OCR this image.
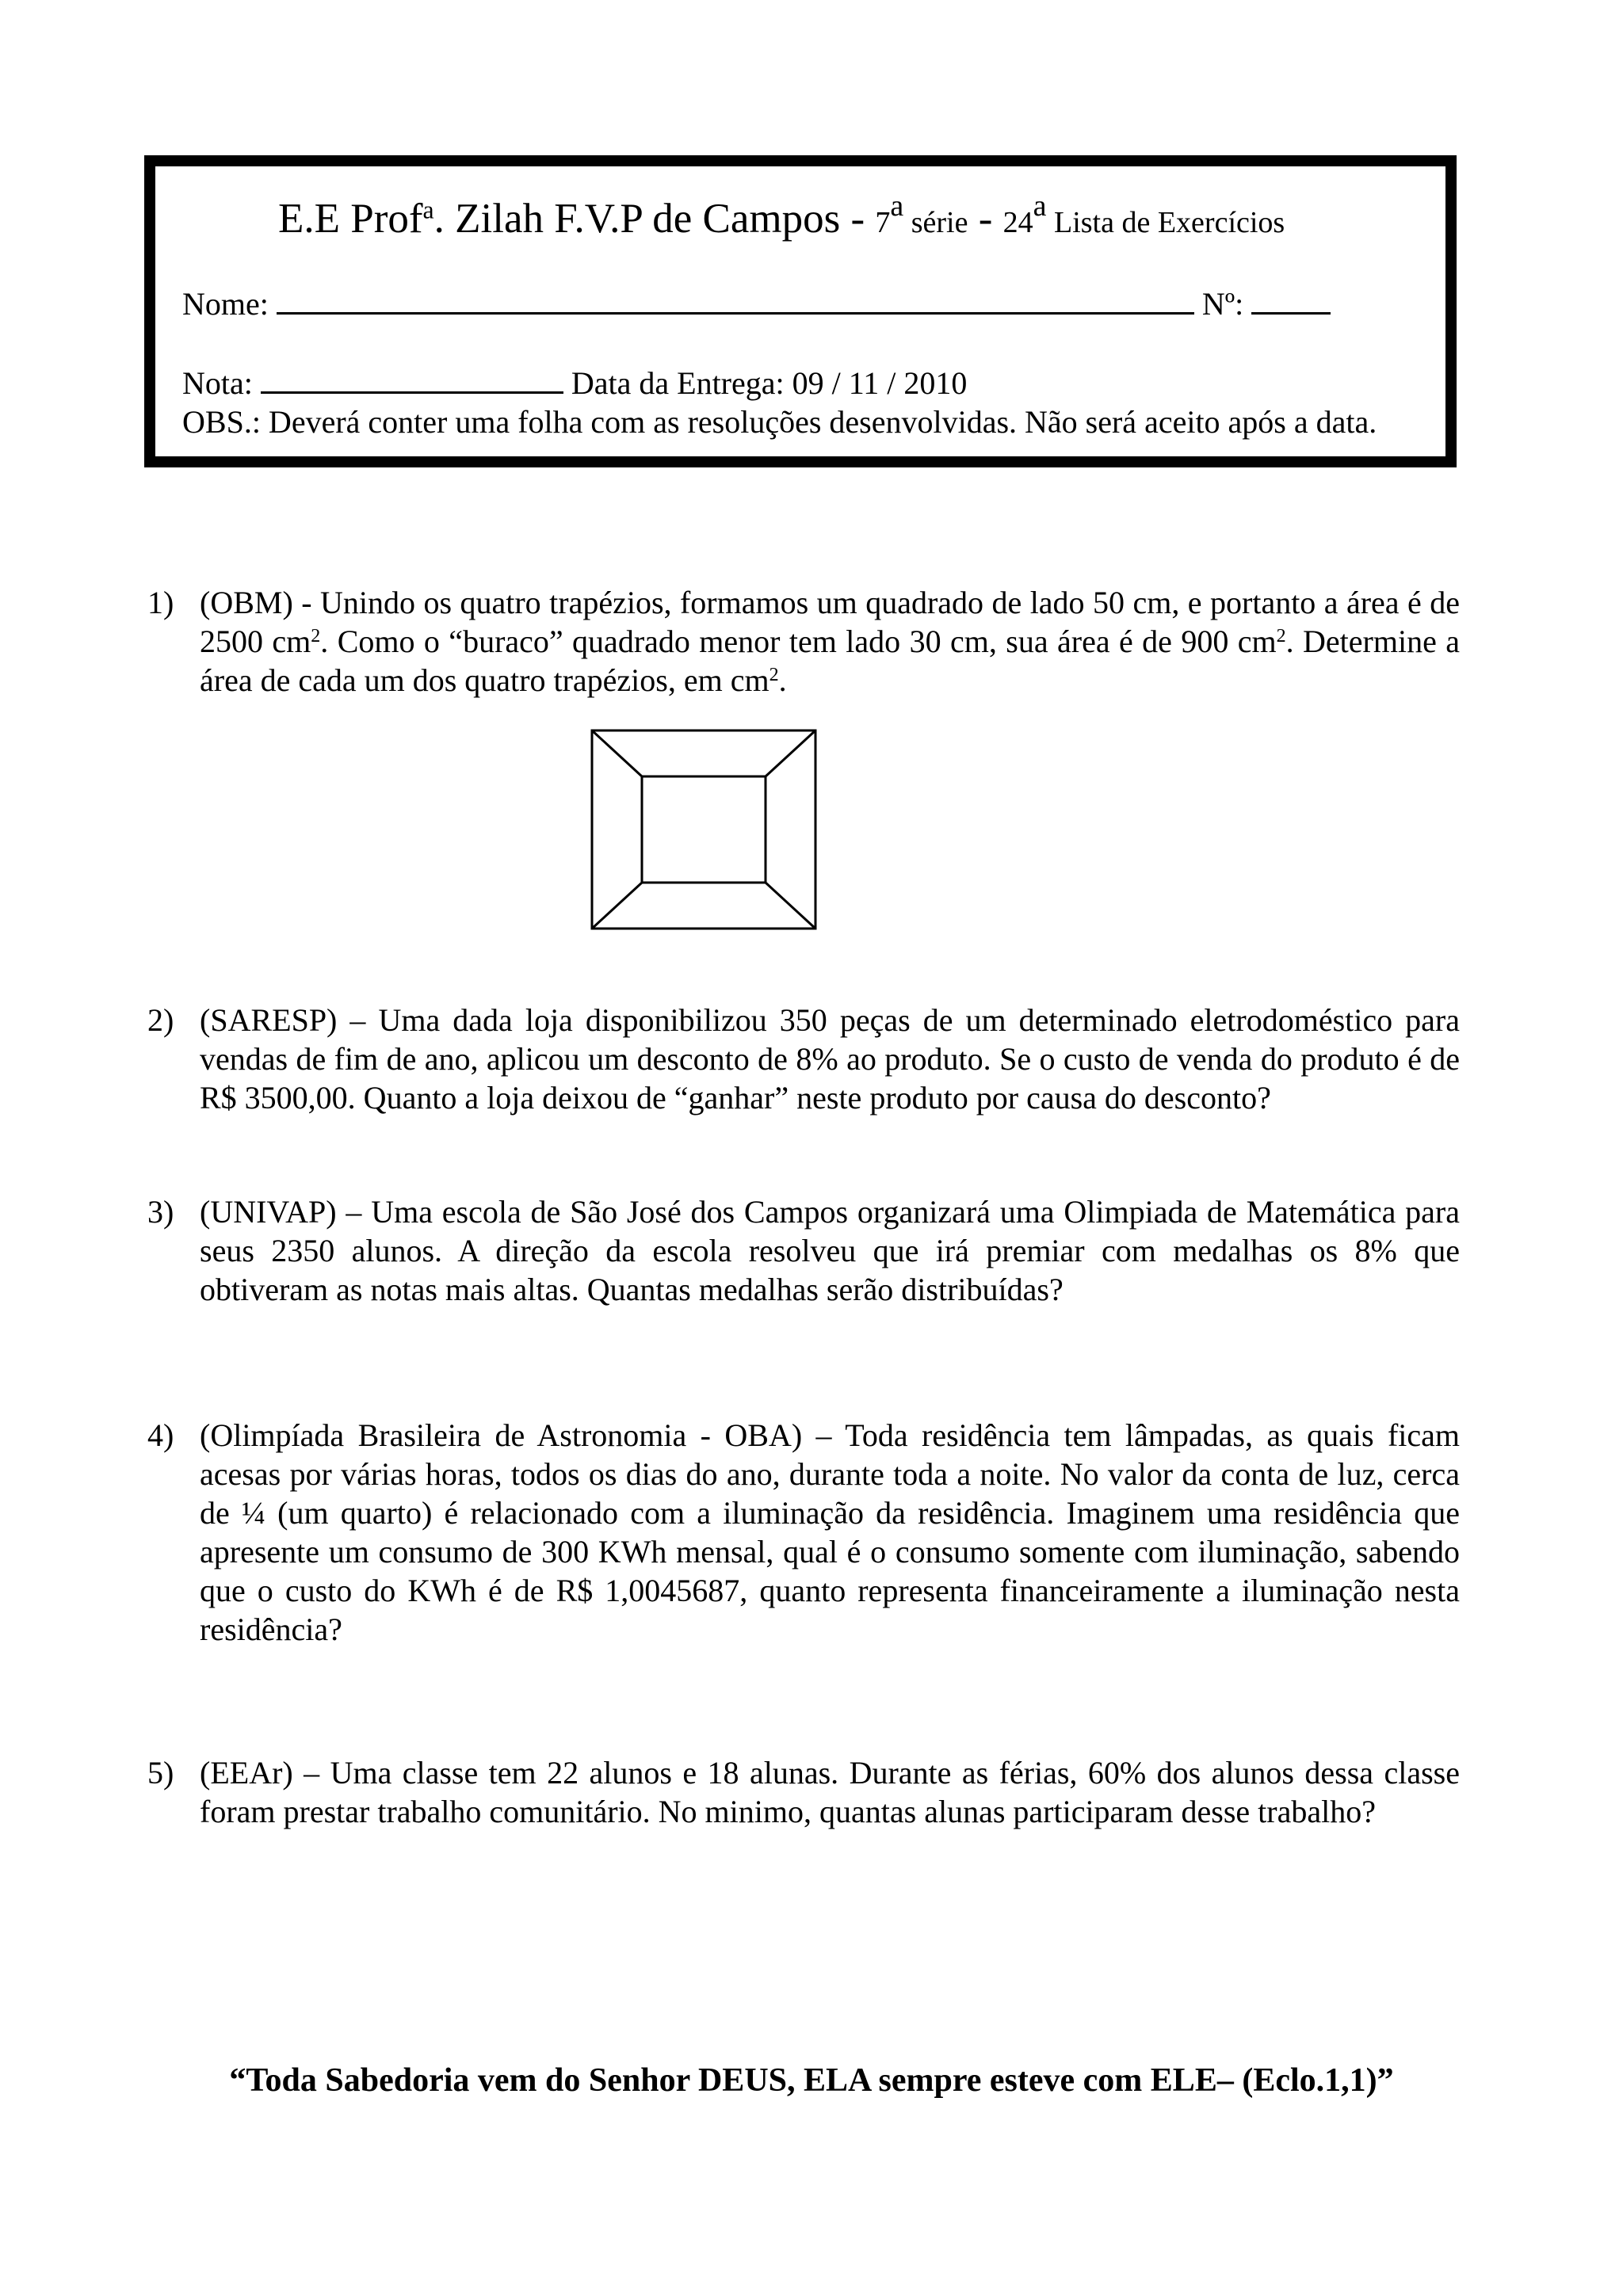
E.E Prof$^a$. Zilah F.V.P de Campos - 7$^a$ série - 24$^a$ Lista de Exercícios
Nome:	Nº:
Nota:	Data da Entrega: 09 / 11 / 2010
OBS.: Deverá conter uma folha com as resoluções desenvolvidas. Não será aceito após a data.
1) (OBM) - Unindo os quatro trapézios, formamos um quadrado de lado 50 cm, e portanto a área é de 2500 $cm^2$. Como o “buraco” quadrado menor tem lado 30 cm, sua área é de 900 $cm^2$. Determine a área de cada um dos quatro trapézios, em $cm^2$.
2) (SARESP) – Uma dada loja disponibilizou 350 peças de um determinado eletrodoméstico para vendas de fim de ano, aplicou um desconto de 8% ao produto. Se o custo de venda do produto é de R$ 3500,00. Quanto a loja deixou de “ganhar” neste produto por causa do desconto?
3) (UNIVAP) – Uma escola de São José dos Campos organizará uma Olimpiada de Matemática para seus 2350 alunos. A direção da escola resolveu que irá premiar com medalhas os 8% que obtiveram as notas mais altas. Quantas medalhas serão distribuídas?
4) (Olimpíada Brasileira de Astronomia - OBA) – Toda residência tem lâmpadas, as quais ficam acesas por várias horas, todos os dias do ano, durante toda a noite. No valor da conta de luz, cerca de ¼ (um quarto) é relacionado com a iluminação da residência. Imaginem uma residência que apresente um consumo de 300 KWh mensal, qual é o consumo somente com iluminação, sabendo que o custo do KWh é de R$ 1,0045687, quanto representa financeiramente a iluminação nesta residência?
5) (EEAr) – Uma classe tem 22 alunos e 18 alunas. Durante as férias, 60% dos alunos dessa classe foram prestar trabalho comunitário. No minimo, quantas alunas participaram desse trabalho?
“Toda Sabedoria vem do Senhor DEUS, ELA sempre esteve com ELE– (Eclo.1,1)”
